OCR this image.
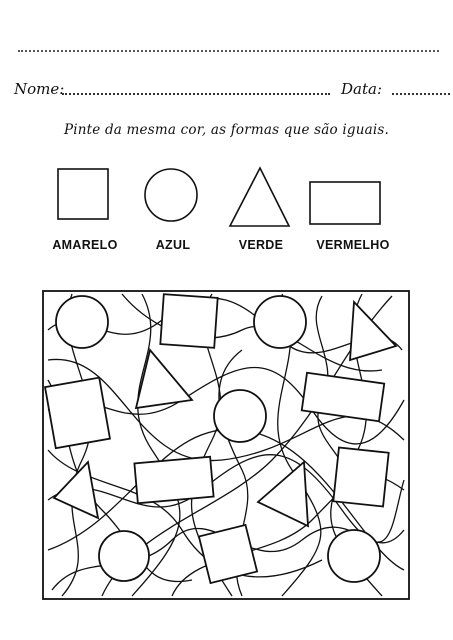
Nome:	Data:
Pinte da mesma cor, as formas que são iguais.
AMARELO	AZUL	VERDE	VERMELHO
